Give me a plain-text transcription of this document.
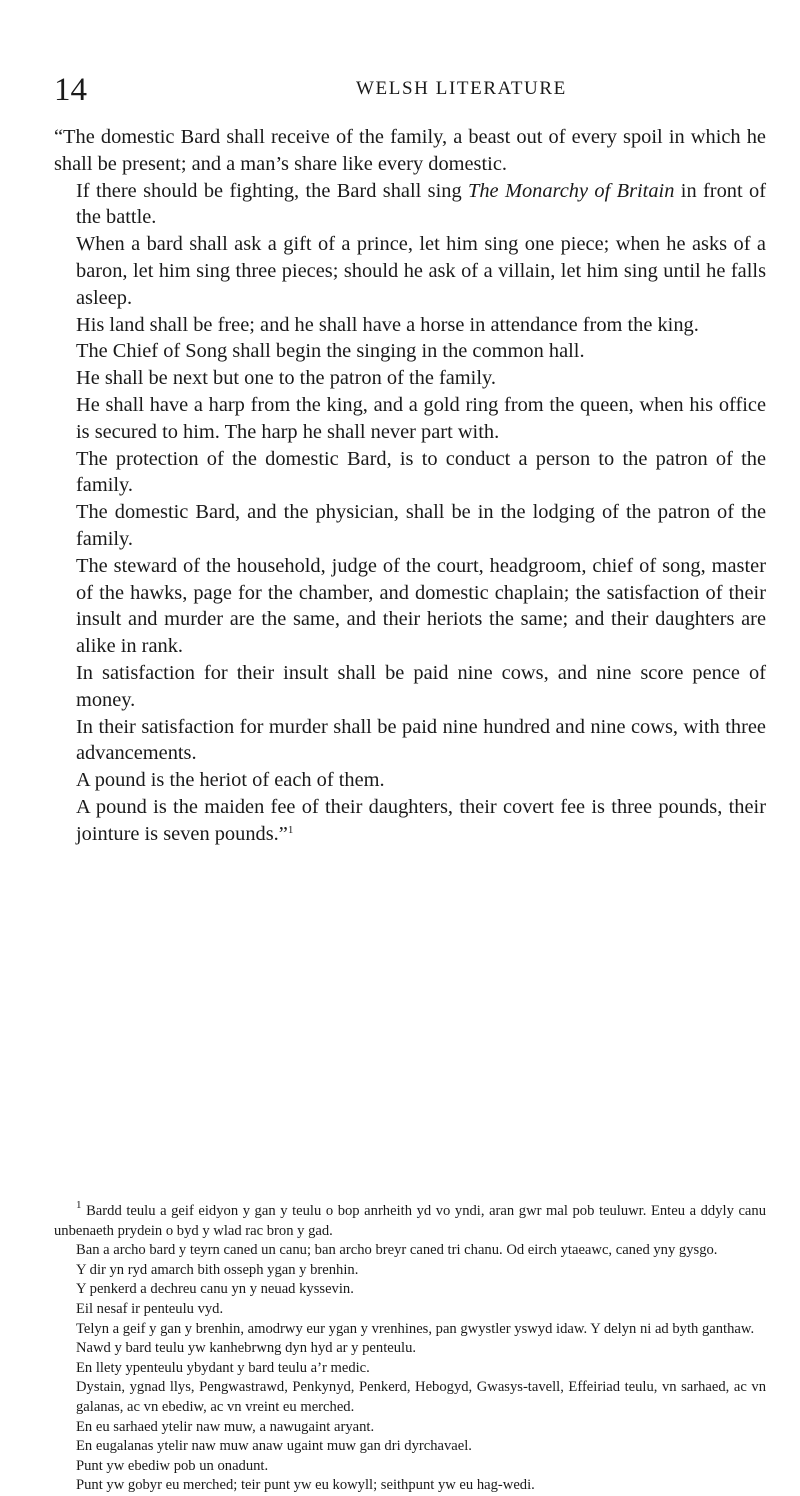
14	WELSH LITERATURE

“The domestic Bard shall receive of the family, a beast out of every spoil in which he shall be present; and a man’s share like every domestic.

If there should be fighting, the Bard shall sing The Monarchy of Britain in front of the battle.

When a bard shall ask a gift of a prince, let him sing one piece; when he asks of a baron, let him sing three pieces; should he ask of a villain, let him sing until he falls asleep.

His land shall be free; and he shall have a horse in attendance from the king.

The Chief of Song shall begin the singing in the common hall.

He shall be next but one to the patron of the family.

He shall have a harp from the king, and a gold ring from the queen, when his office is secured to him. The harp he shall never part with.

The protection of the domestic Bard, is to conduct a person to the patron of the family.

The domestic Bard, and the physician, shall be in the lodging of the patron of the family.

The steward of the household, judge of the court, headgroom, chief of song, master of the hawks, page for the chamber, and domestic chaplain; the satisfaction of their insult and murder are the same, and their heriots the same; and their daughters are alike in rank.

In satisfaction for their insult shall be paid nine cows, and nine score pence of money.

In their satisfaction for murder shall be paid nine hundred and nine cows, with three advancements.

A pound is the heriot of each of them.

A pound is the maiden fee of their daughters, their covert fee is three pounds, their jointure is seven pounds.”$^1$

$^1$ Bardd teulu a geif eidyon y gan y teulu o bop anrheith yd vo yndi, aran gwr mal pob teuluwr. Enteu a ddyly canu unbenaeth prydein o byd y wlad rac bron y gad.

Ban a archo bard y teyrn caned un canu; ban archo breyr caned tri chanu. Od eirch ytaeawc, caned yny gysgo.

Y dir yn ryd amarch bith osseph ygan y brenhin.

Y penkerd a dechreu canu yn y neuad kyssevin.

Eil nesaf ir penteulu vyd.

Telyn a geif y gan y brenhin, amodrwy eur ygan y vrenhines, pan gwystler yswyd idaw. Y delyn ni ad byth ganthaw.

Nawd y bard teulu yw kanhebrwng dyn hyd ar y penteulu.

En llety ypenteulu ybydant y bard teulu a’r medic.

Dystain, ygnad llys, Pengwastrawd, Penkynyd, Penkerd, Hebogyd, Gwasys-tavell, Effeiriad teulu, vn sarhaed, ac vn galanas, ac vn ebediw, ac vn vreint eu merched.

En eu sarhaed ytelir naw muw, a nawugaint aryant.

En eugalanas ytelir naw muw anaw ugaint muw gan dri dyrchavael.

Punt yw ebediw pob un onadunt.

Punt yw gobyr eu merched; teir punt yw eu kowyll; seithpunt yw eu hag-wedi.
